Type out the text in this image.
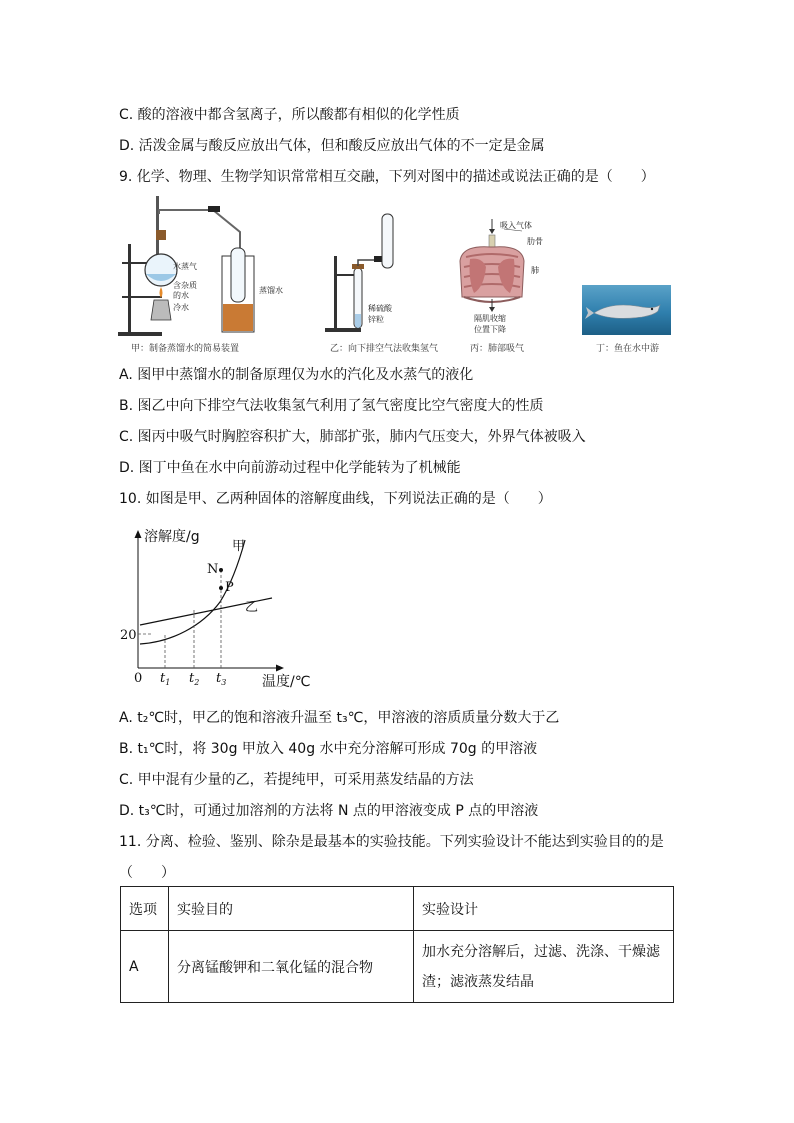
C. 酸的溶液中都含氢离子，所以酸都有相似的化学性质
D. 活泼金属与酸反应放出气体，但和酸反应放出气体的不一定是金属
9. 化学、物理、生物学知识常常相互交融，下列对图中的描述或说法正确的是（　　）
水蒸气
含杂质
的水
冷水
蒸馏水
甲：制备蒸馏水的简易装置
稀硫酸
锌粒
乙：向下排空气法收集氢气
吸入气体
肋骨
肺
隔肌收缩
位置下降
丙：肺部吸气	丁：鱼在水中游
A. 图甲中蒸馏水的制备原理仅为水的汽化及水蒸气的液化
B. 图乙中向下排空气法收集氢气利用了氢气密度比空气密度大的性质
C. 图丙中吸气时胸腔容积扩大，肺部扩张，肺内气压变大，外界气体被吸入
D. 图丁中鱼在水中向前游动过程中化学能转为了机械能
10. 如图是甲、乙两种固体的溶解度曲线，下列说法正确的是（　　）
溶解度/g
甲
乙
N
P
20
0 $t_1$ $t_2$ $t_3$	温度/℃
A. t₂℃时，甲乙的饱和溶液升温至 t₃℃，甲溶液的溶质质量分数大于乙
B. t₁℃时，将 30g 甲放入 40g 水中充分溶解可形成 70g 的甲溶液
C. 甲中混有少量的乙，若提纯甲，可采用蒸发结晶的方法
D. t₃℃时，可通过加溶剂的方法将 N 点的甲溶液变成 P 点的甲溶液
11. 分离、检验、鉴别、除杂是最基本的实验技能。下列实验设计不能达到实验目的的是
（　　）
选项	实验目的	实验设计
A	分离锰酸钾和二氧化锰的混合物	加水充分溶解后，过滤、洗涤、干燥滤
渣；滤液蒸发结晶
